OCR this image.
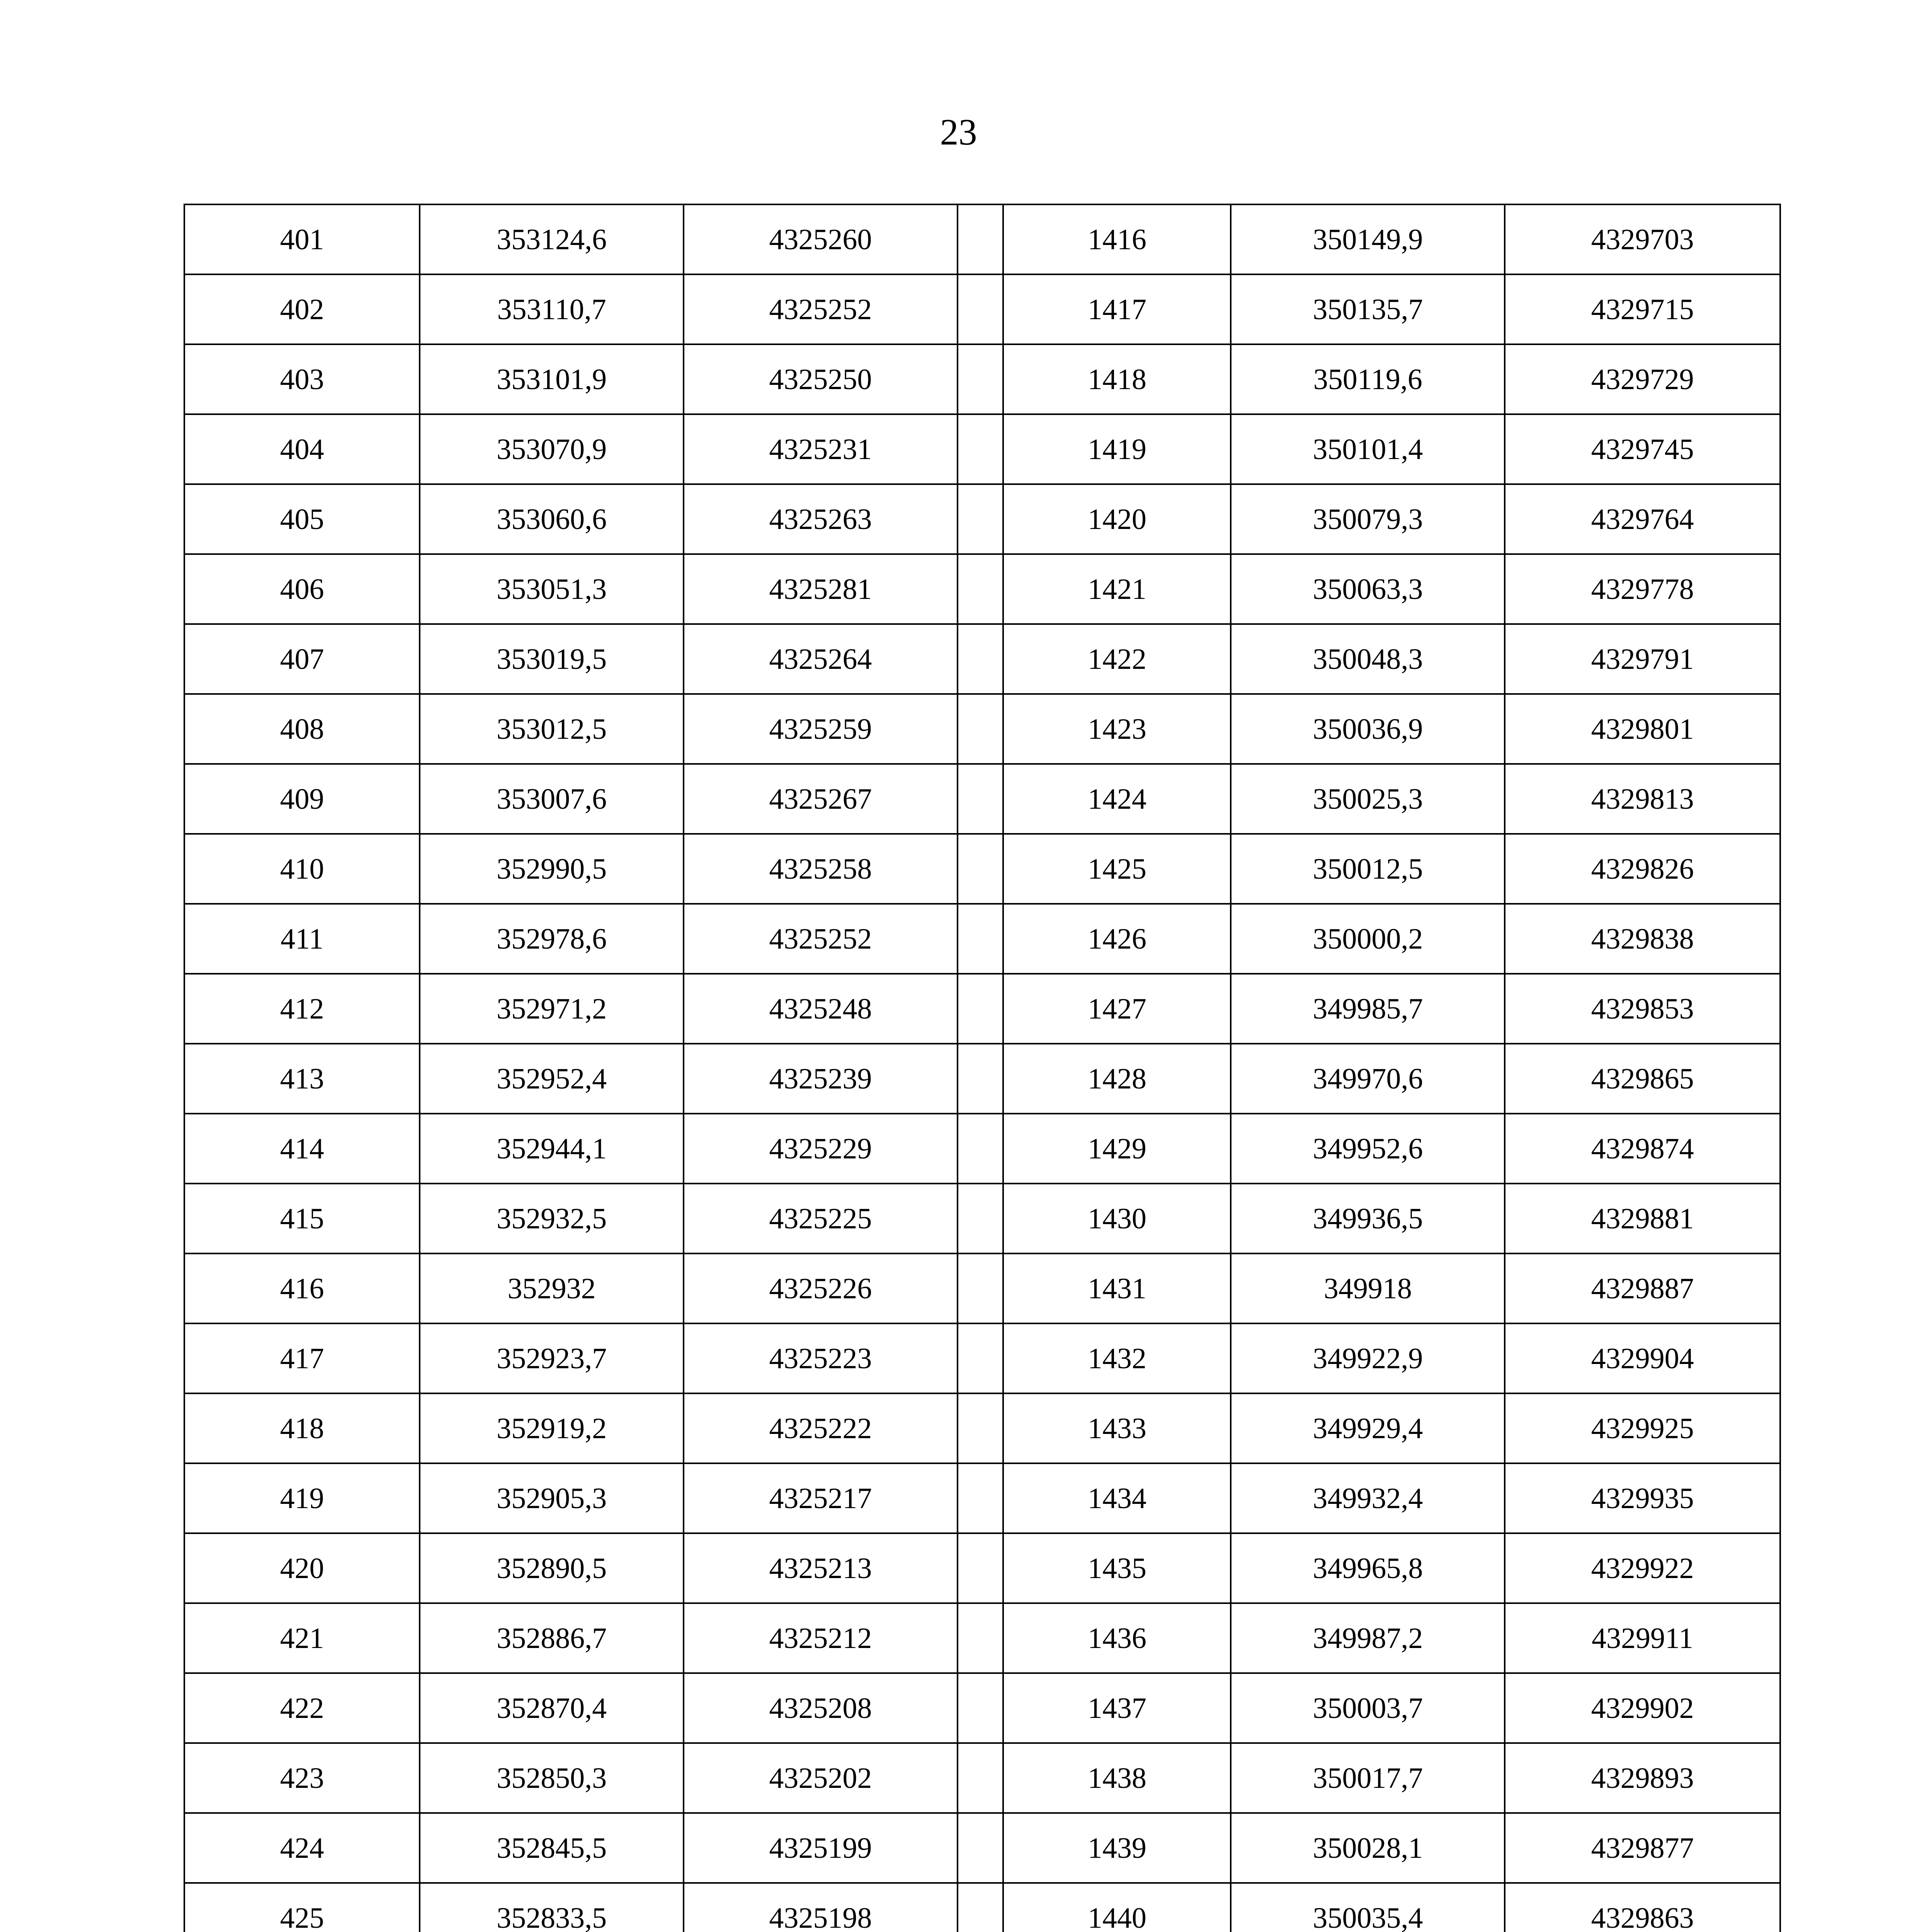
23
401	353124,6	4325260		1416	350149,9	4329703
402	353110,7	4325252		1417	350135,7	4329715
403	353101,9	4325250		1418	350119,6	4329729
404	353070,9	4325231		1419	350101,4	4329745
405	353060,6	4325263		1420	350079,3	4329764
406	353051,3	4325281		1421	350063,3	4329778
407	353019,5	4325264		1422	350048,3	4329791
408	353012,5	4325259		1423	350036,9	4329801
409	353007,6	4325267		1424	350025,3	4329813
410	352990,5	4325258		1425	350012,5	4329826
411	352978,6	4325252		1426	350000,2	4329838
412	352971,2	4325248		1427	349985,7	4329853
413	352952,4	4325239		1428	349970,6	4329865
414	352944,1	4325229		1429	349952,6	4329874
415	352932,5	4325225		1430	349936,5	4329881
416	352932	4325226		1431	349918	4329887
417	352923,7	4325223		1432	349922,9	4329904
418	352919,2	4325222		1433	349929,4	4329925
419	352905,3	4325217		1434	349932,4	4329935
420	352890,5	4325213		1435	349965,8	4329922
421	352886,7	4325212		1436	349987,2	4329911
422	352870,4	4325208		1437	350003,7	4329902
423	352850,3	4325202		1438	350017,7	4329893
424	352845,5	4325199		1439	350028,1	4329877
425	352833,5	4325198		1440	350035,4	4329863
